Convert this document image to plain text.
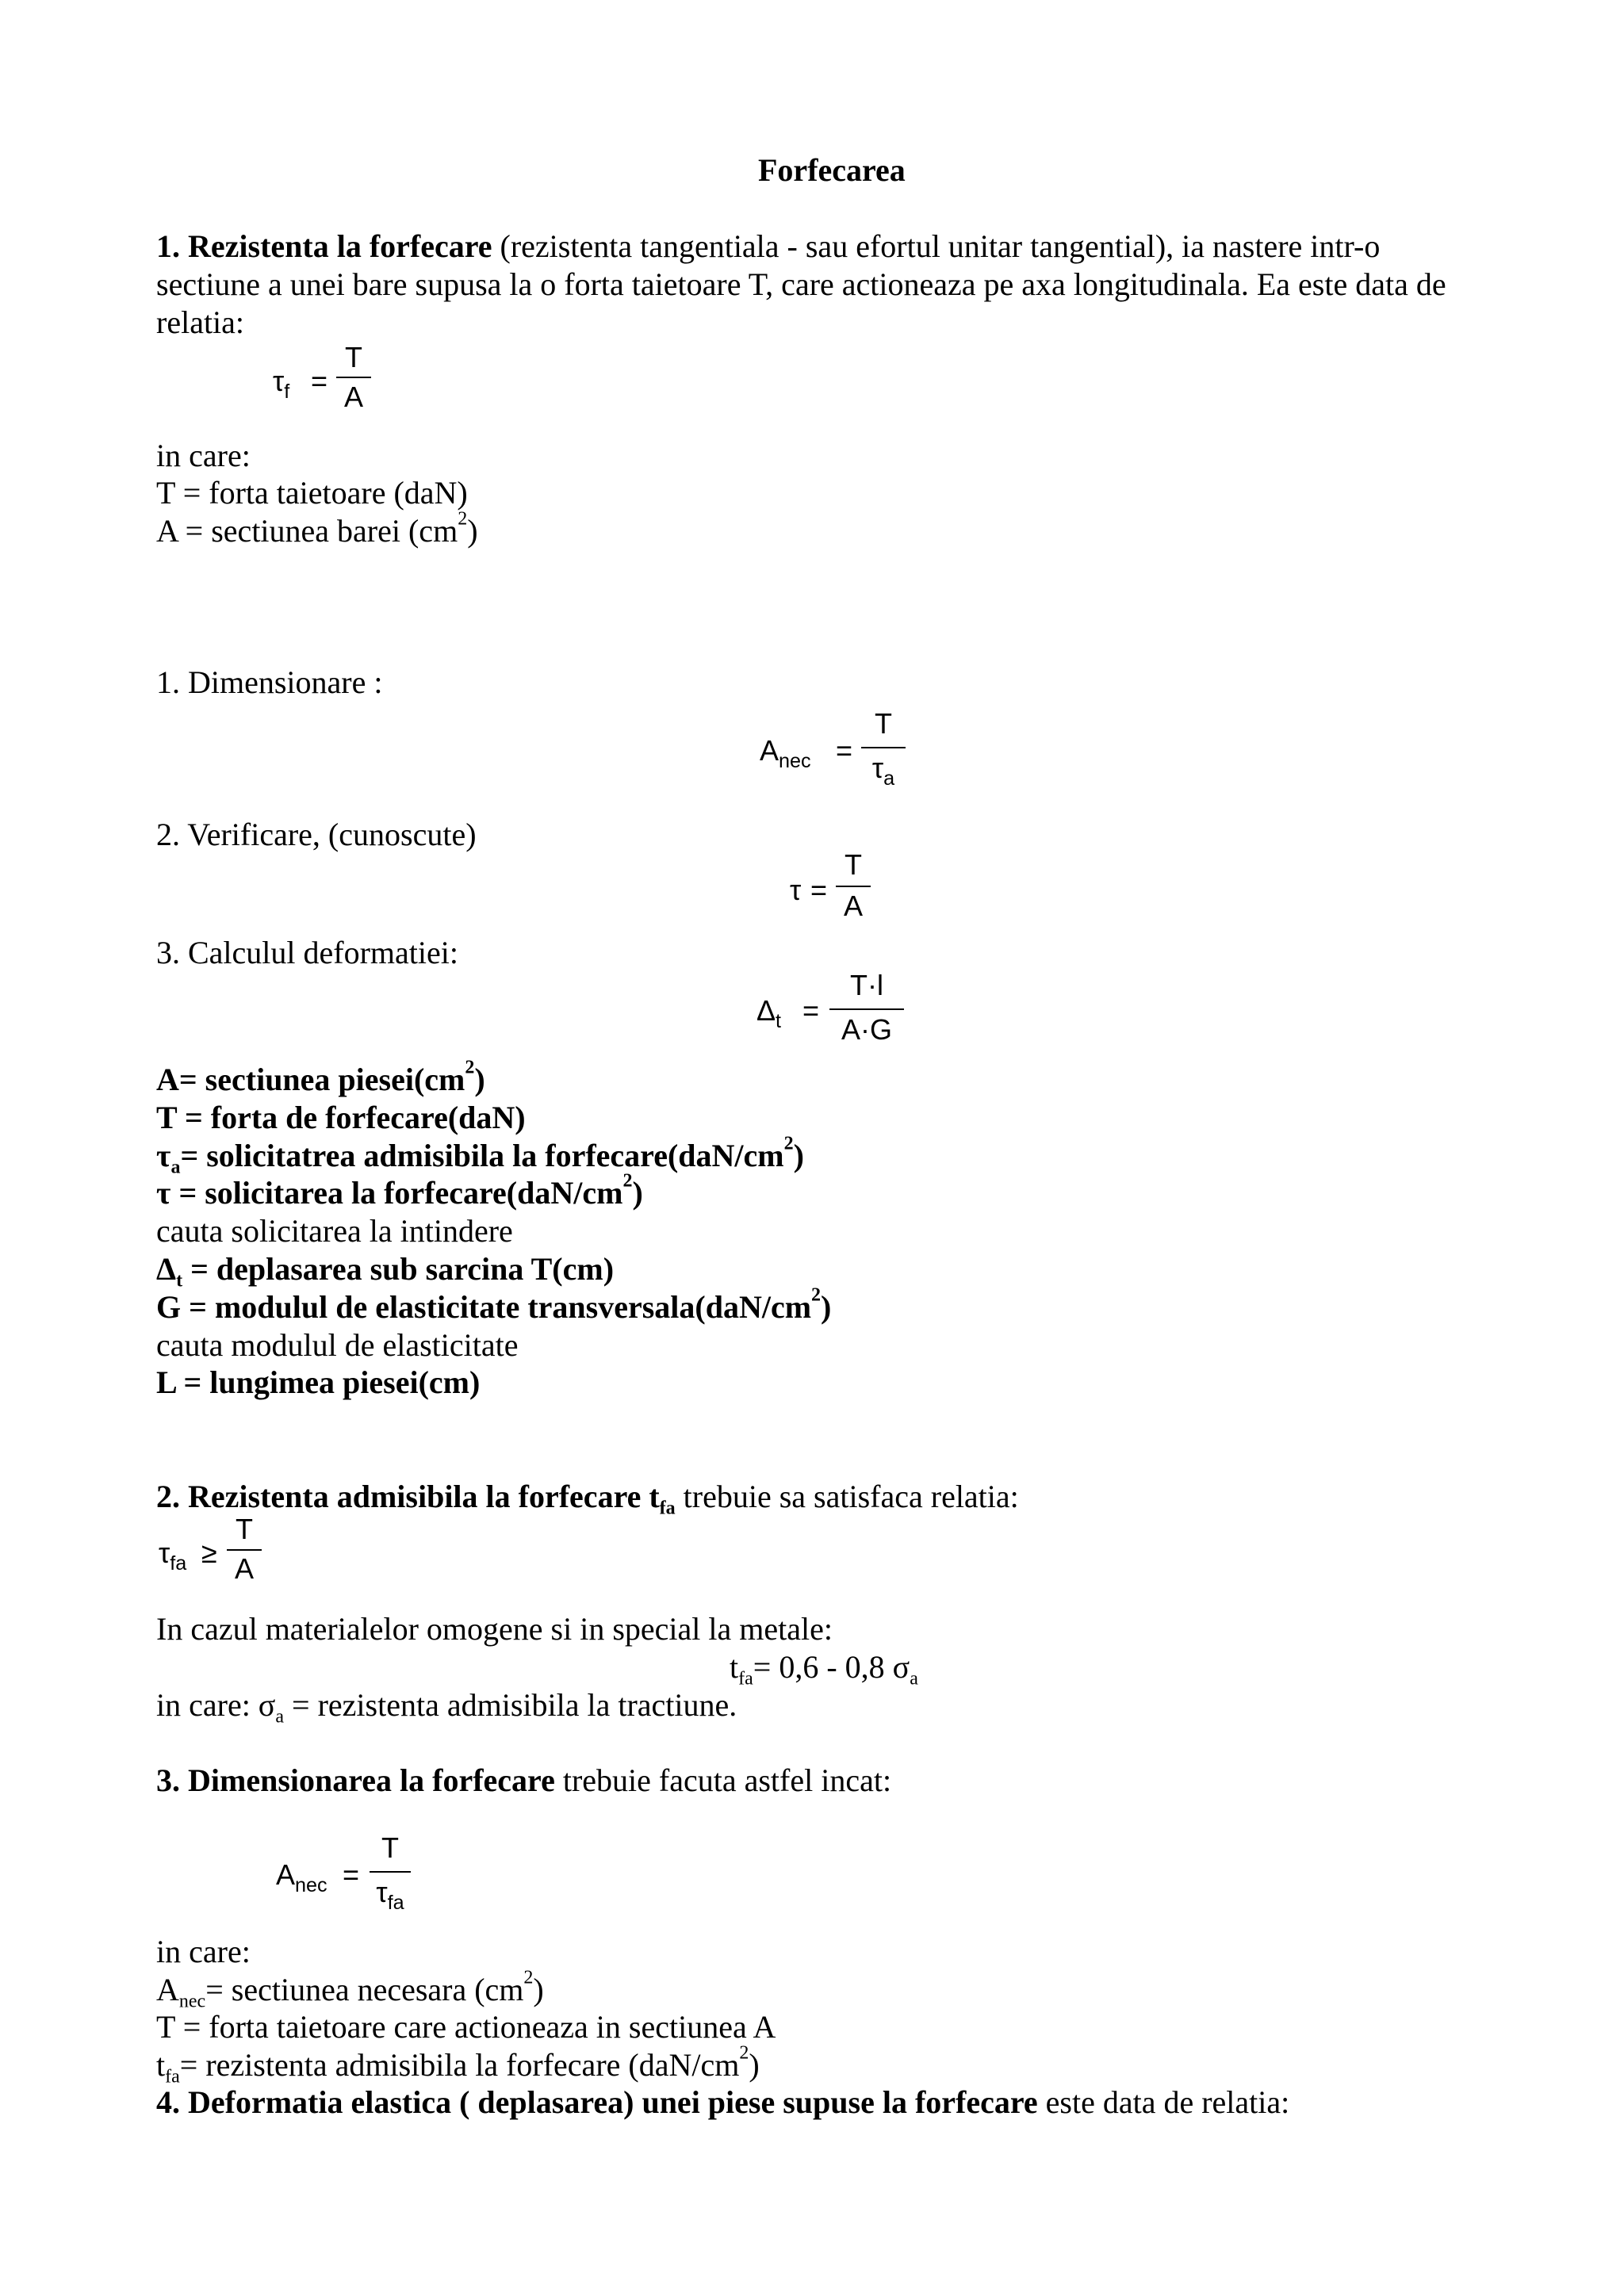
Forfecarea
1. Rezistenta la forfecare (rezistenta tangentiala - sau efortul unitar tangential), ia nastere intr-o
sectiune a unei bare supusa la o forta taietoare T, care actioneaza pe axa longitudinala. Ea este data de
relatia:
$\tau_f$ =
T
A
in care:
T = forta taietoare (daN)
A = sectiunea barei $(cm^2)$
1. Dimensionare :
$A_{nec}$ =
T
$\tau_a$
2. Verificare, (cunoscute)
τ =
T
A
3. Calculul deformatiei:
$\Delta_t$ =
T·l
A·G
A= sectiunea $piesei(cm^2)$
T = forta de forfecare(daN)
$\tau_a=$ solicitatrea admisibila la $forfecare(daN/cm^2)$
τ = solicitarea la $forfecare(daN/cm^2)$
cauta solicitarea la intindere
$\Delta_t$ = deplasarea sub sarcina T(cm)
G = modulul de elasticitate $transversala(daN/cm^2)$
cauta modulul de elasticitate
L = lungimea piesei(cm)
2. Rezistenta admisibila la forfecare $t_{fa}$ trebuie sa satisfaca relatia:
$\tau_{fa}$ ≥
T
A
In cazul materialelor omogene si in special la metale:
$t_{fa}= 0,6 - 0,8$ $\sigma_a$
in care: $\sigma_a$ = rezistenta admisibila la tractiune.
3. Dimensionarea la forfecare trebuie facuta astfel incat:
$A_{nec}$ =
T
$\tau_{fa}$
in care:
$A_{nec}=$ sectiunea necesara $(cm^2)$
T = forta taietoare care actioneaza in sectiunea A
$t_{fa}=$ rezistenta admisibila la forfecare $(daN/cm^2)$
4. Deformatia elastica ( deplasarea) unei piese supuse la forfecare este data de relatia:
